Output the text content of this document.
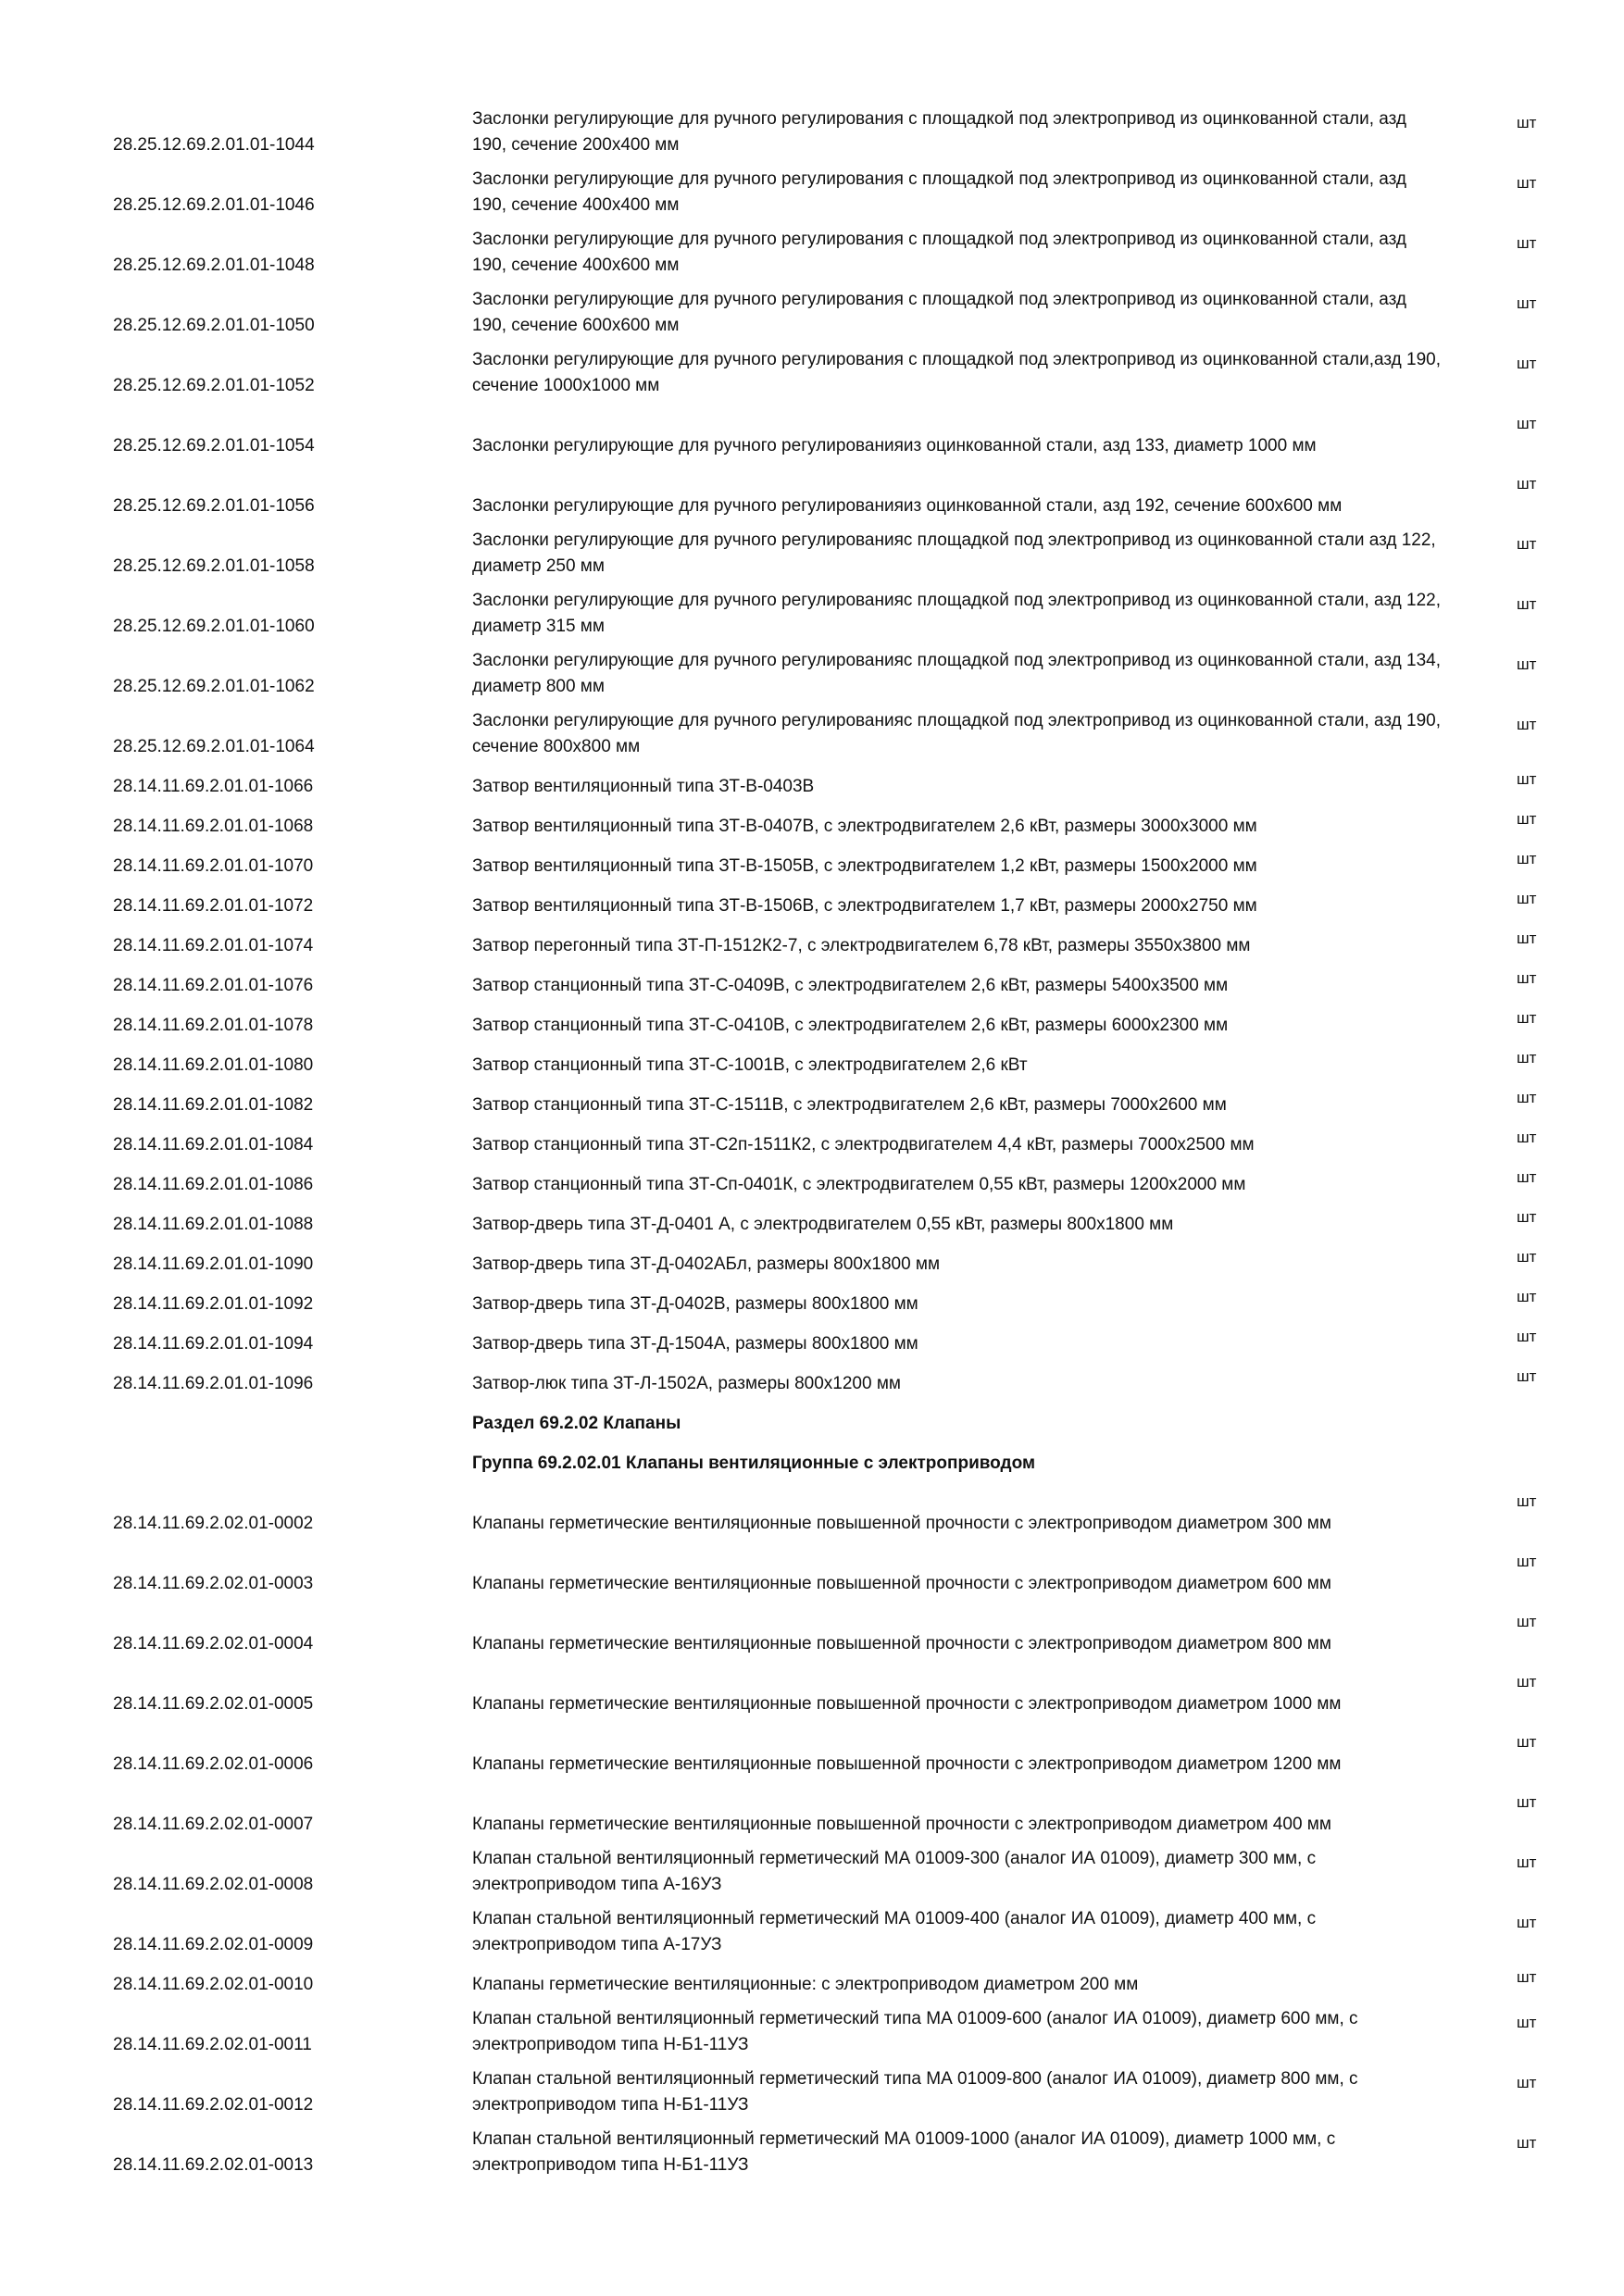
28.25.12.69.2.01.01-1044
Заслонки регулирующие для ручного регулирования с площадкой под электропривод из оцинкованной стали, азд 190, сечение 200х400 мм
шт
28.25.12.69.2.01.01-1046
Заслонки регулирующие для ручного регулирования с площадкой под электропривод из оцинкованной стали, азд 190, сечение 400х400 мм
шт
28.25.12.69.2.01.01-1048
Заслонки регулирующие для ручного регулирования с площадкой под электропривод из оцинкованной стали, азд 190, сечение 400х600 мм
шт
28.25.12.69.2.01.01-1050
Заслонки регулирующие для ручного регулирования с площадкой под электропривод из оцинкованной стали, азд 190, сечение 600х600 мм
шт
28.25.12.69.2.01.01-1052
Заслонки регулирующие для ручного регулирования с площадкой под электропривод из оцинкованной стали,азд 190, сечение 1000х1000 мм
шт
28.25.12.69.2.01.01-1054	Заслонки регулирующие для ручного регулированияиз оцинкованной стали, азд 133, диаметр 1000 мм
шт
28.25.12.69.2.01.01-1056	Заслонки регулирующие для ручного регулированияиз оцинкованной стали, азд 192, сечение 600х600 мм
шт
28.25.12.69.2.01.01-1058
Заслонки регулирующие для ручного регулированияс площадкой под электропривод из оцинкованной стали азд 122, диаметр 250 мм
шт
28.25.12.69.2.01.01-1060
Заслонки регулирующие для ручного регулированияс площадкой под электропривод из оцинкованной стали, азд 122, диаметр 315 мм
шт
28.25.12.69.2.01.01-1062
Заслонки регулирующие для ручного регулированияс площадкой под электропривод из оцинкованной стали, азд 134, диаметр 800 мм
шт
28.25.12.69.2.01.01-1064
Заслонки регулирующие для ручного регулированияс площадкой под электропривод из оцинкованной стали, азд 190, сечение 800х800 мм
шт
28.14.11.69.2.01.01-1066	Затвор вентиляционный типа ЗТ-В-0403В	шт
28.14.11.69.2.01.01-1068	Затвор вентиляционный типа ЗТ-В-0407В, с электродвигателем 2,6 кВт, размеры 3000х3000 мм	шт
28.14.11.69.2.01.01-1070	Затвор вентиляционный типа ЗТ-В-1505В, с электродвигателем 1,2 кВт, размеры 1500х2000 мм	шт
28.14.11.69.2.01.01-1072	Затвор вентиляционный типа ЗТ-В-1506В, с электродвигателем 1,7 кВт, размеры 2000х2750 мм	шт
28.14.11.69.2.01.01-1074	Затвор перегонный типа ЗТ-П-1512К2-7, с электродвигателем 6,78 кВт, размеры 3550х3800 мм	шт
28.14.11.69.2.01.01-1076	Затвор станционный типа ЗТ-С-0409В, с электродвигателем 2,6 кВт, размеры 5400х3500 мм	шт
28.14.11.69.2.01.01-1078	Затвор станционный типа ЗТ-С-0410В, с электродвигателем 2,6 кВт, размеры 6000х2300 мм	шт
28.14.11.69.2.01.01-1080	Затвор станционный типа ЗТ-С-1001В, с электродвигателем 2,6 кВт	шт
28.14.11.69.2.01.01-1082	Затвор станционный типа ЗТ-С-1511В, с электродвигателем 2,6 кВт, размеры 7000х2600 мм	шт
28.14.11.69.2.01.01-1084	Затвор станционный типа ЗТ-С2п-1511К2, с электродвигателем 4,4 кВт, размеры 7000х2500 мм	шт
28.14.11.69.2.01.01-1086	Затвор станционный типа ЗТ-Сп-0401К, с электродвигателем 0,55 кВт, размеры 1200х2000 мм	шт
28.14.11.69.2.01.01-1088	Затвор-дверь типа ЗТ-Д-0401 А, с электродвигателем 0,55 кВт, размеры 800х1800 мм	шт
28.14.11.69.2.01.01-1090	Затвор-дверь типа ЗТ-Д-0402АБл, размеры 800х1800 мм	шт
28.14.11.69.2.01.01-1092	Затвор-дверь типа ЗТ-Д-0402В, размеры 800х1800 мм	шт
28.14.11.69.2.01.01-1094	Затвор-дверь типа ЗТ-Д-1504А, размеры 800х1800 мм	шт
28.14.11.69.2.01.01-1096	Затвор-люк типа ЗТ-Л-1502А, размеры 800х1200 мм	шт
Раздел 69.2.02 Клапаны
Группа 69.2.02.01 Клапаны вентиляционные с электроприводом
28.14.11.69.2.02.01-0002	Клапаны герметические вентиляционные повышенной прочности с электроприводом диаметром 300 мм
шт
28.14.11.69.2.02.01-0003	Клапаны герметические вентиляционные повышенной прочности с электроприводом диаметром 600 мм
шт
28.14.11.69.2.02.01-0004	Клапаны герметические вентиляционные повышенной прочности с электроприводом диаметром 800 мм
шт
28.14.11.69.2.02.01-0005	Клапаны герметические вентиляционные повышенной прочности с электроприводом диаметром 1000 мм
шт
28.14.11.69.2.02.01-0006	Клапаны герметические вентиляционные повышенной прочности с электроприводом диаметром 1200 мм
шт
28.14.11.69.2.02.01-0007	Клапаны герметические вентиляционные повышенной прочности с электроприводом диаметром 400 мм
шт
28.14.11.69.2.02.01-0008
Клапан стальной вентиляционный герметический МА 01009-300 (аналог ИА 01009), диаметр 300 мм, с электроприводом типа А-16УЗ
шт
28.14.11.69.2.02.01-0009
Клапан стальной вентиляционный герметический МА 01009-400 (аналог ИА 01009), диаметр 400 мм, с электроприводом типа А-17УЗ
шт
28.14.11.69.2.02.01-0010	Клапаны герметические вентиляционные: с электроприводом диаметром 200 мм	шт
28.14.11.69.2.02.01-0011
Клапан стальной вентиляционный герметический типа МА 01009-600 (аналог ИА 01009), диаметр 600 мм, с электроприводом типа Н-Б1-11УЗ
шт
28.14.11.69.2.02.01-0012
Клапан стальной вентиляционный герметический типа МА 01009-800 (аналог ИА 01009), диаметр 800 мм, с электроприводом типа Н-Б1-11УЗ
шт
28.14.11.69.2.02.01-0013
Клапан стальной вентиляционный герметический МА 01009-1000 (аналог ИА 01009), диаметр 1000 мм, с электроприводом типа Н-Б1-11УЗ
шт
